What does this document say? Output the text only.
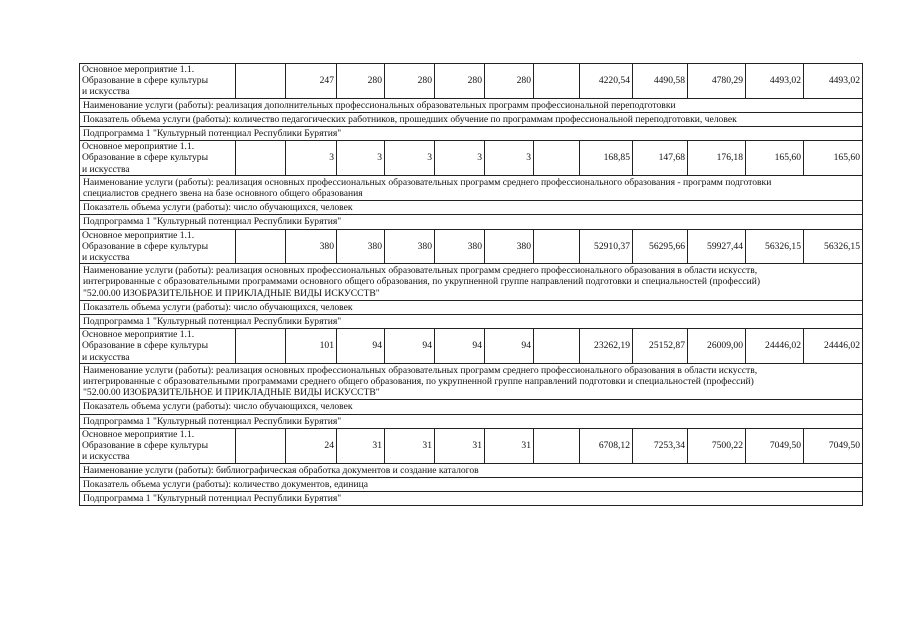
Основное мероприятие 1.1.
Образование в сфере культуры
и искусства		247	280	280	280	280		4220,54	4490,58	4780,29	4493,02	4493,02

Наименование услуги (работы): реализация дополнительных профессиональных образовательных программ профессиональной переподготовки												

Показатель объема услуги (работы): количество педагогических работников, прошедших обучение по программам профессиональной переподготовки, человек												

Подпрограмма 1 "Культурный потенциал Республики Бурятия"												

Основное мероприятие 1.1.
Образование в сфере культуры
и искусства		3	3	3	3	3		168,85	147,68	176,18	165,60	165,60

Наименование услуги (работы): реализация основных профессиональных образовательных программ среднего профессионального образования - программ подготовки
специалистов среднего звена на базе основного общего образования												

Показатель объема услуги (работы): число обучающихся, человек												

Подпрограмма 1 "Культурный потенциал Республики Бурятия"												

Основное мероприятие 1.1.
Образование в сфере культуры
и искусства		380	380	380	380	380		52910,37	56295,66	59927,44	56326,15	56326,15

Наименование услуги (работы): реализация основных профессиональных образовательных программ среднего профессионального образования в области искусств,
интегрированные с образовательными программами основного общего образования, по укрупненной группе направлений подготовки и специальностей (профессий)
"52.00.00 ИЗОБРАЗИТЕЛЬНОЕ И ПРИКЛАДНЫЕ ВИДЫ ИСКУССТВ"												

Показатель объема услуги (работы): число обучающихся, человек												

Подпрограмма 1 "Культурный потенциал Республики Бурятия"												

Основное мероприятие 1.1.
Образование в сфере культуры
и искусства		101	94	94	94	94		23262,19	25152,87	26009,00	24446,02	24446,02

Наименование услуги (работы): реализация основных профессиональных образовательных программ среднего профессионального образования в области искусств,
интегрированные с образовательными программами среднего общего образования, по укрупненной группе направлений подготовки и специальностей (профессий)
"52.00.00 ИЗОБРАЗИТЕЛЬНОЕ И ПРИКЛАДНЫЕ ВИДЫ ИСКУССТВ"												

Показатель объема услуги (работы): число обучающихся, человек												

Подпрограмма 1 "Культурный потенциал Республики Бурятия"												

Основное мероприятие 1.1.
Образование в сфере культуры
и искусства		24	31	31	31	31		6708,12	7253,34	7500,22	7049,50	7049,50

Наименование услуги (работы): библиографическая обработка документов и создание каталогов												

Показатель объема услуги (работы): количество документов, единица												

Подпрограмма 1 "Культурный потенциал Республики Бурятия"												
